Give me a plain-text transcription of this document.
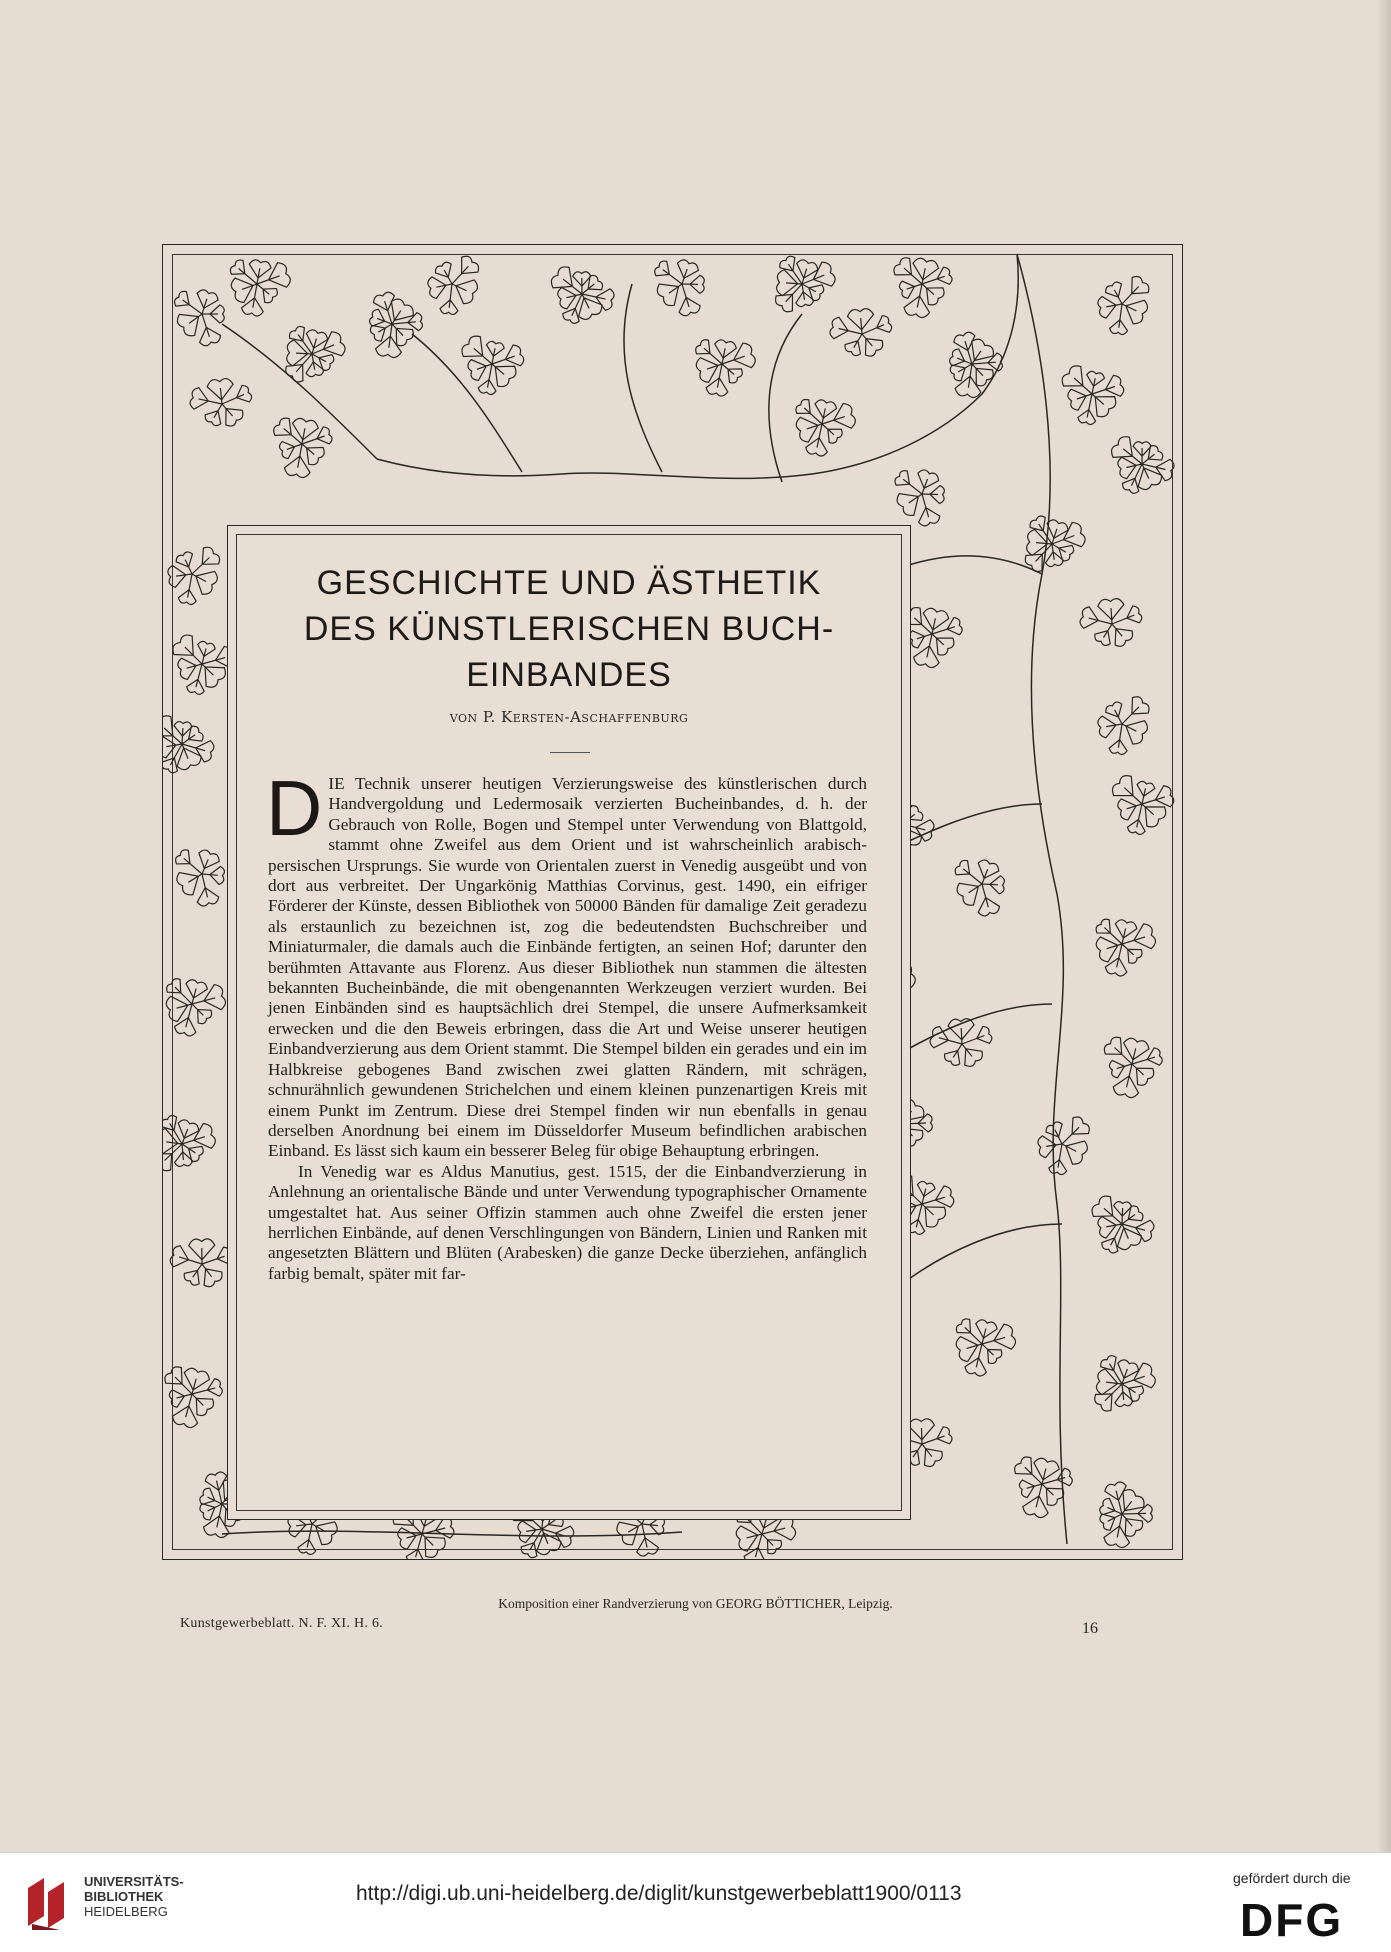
GESCHICHTE UND ÄSTHETIK
DES KÜNSTLERISCHEN BUCH-
EINBANDES
von P. Kersten-Aschaffenburg

DIE Technik unserer heutigen Verzierungsweise des künstlerischen durch Handvergoldung und Ledermosaik verzierten Bucheinbandes, d. h. der Gebrauch von Rolle, Bogen und Stempel unter Verwendung von Blattgold, stammt ohne Zweifel aus dem Orient und ist wahrscheinlich arabisch-persischen Ursprungs. Sie wurde von Orientalen zuerst in Venedig ausgeübt und von dort aus verbreitet. Der Ungarkönig Matthias Corvinus, gest. 1490, ein eifriger Förderer der Künste, dessen Bibliothek von 50000 Bänden für damalige Zeit geradezu als erstaunlich zu bezeichnen ist, zog die bedeutendsten Buchschreiber und Miniaturmaler, die damals auch die Einbände fertigten, an seinen Hof; darunter den berühmten Attavante aus Florenz. Aus dieser Bibliothek nun stammen die ältesten bekannten Bucheinbände, die mit obengenannten Werkzeugen verziert wurden. Bei jenen Einbänden sind es hauptsächlich drei Stempel, die unsere Aufmerksamkeit erwecken und die den Beweis erbringen, dass die Art und Weise unserer heutigen Einbandverzierung aus dem Orient stammt. Die Stempel bilden ein gerades und ein im Halbkreise gebogenes Band zwischen zwei glatten Rändern, mit schrägen, schnurähnlich gewundenen Strichelchen und einem kleinen punzenartigen Kreis mit einem Punkt im Zentrum. Diese drei Stempel finden wir nun ebenfalls in genau derselben Anordnung bei einem im Düsseldorfer Museum befindlichen arabischen Einband. Es lässt sich kaum ein besserer Beleg für obige Behauptung erbringen.

In Venedig war es Aldus Manutius, gest. 1515, der die Einbandverzierung in Anlehnung an orientalische Bände und unter Verwendung typographischer Ornamente umgestaltet hat. Aus seiner Offizin stammen auch ohne Zweifel die ersten jener herrlichen Einbände, auf denen Verschlingungen von Bändern, Linien und Ranken mit angesetzten Blättern und Blüten (Arabesken) die ganze Decke überziehen, anfänglich farbig bemalt, später mit far-

Komposition einer Randverzierung von GEORG BÖTTICHER, Leipzig.
Kunstgewerbeblatt. N. F. XI. H. 6.	16
UNIVERSITÄTS-
BIBLIOTHEK
HEIDELBERG
http://digi.ub.uni-heidelberg.de/diglit/kunstgewerbeblatt1900/0113
gefördert durch die
DFG
